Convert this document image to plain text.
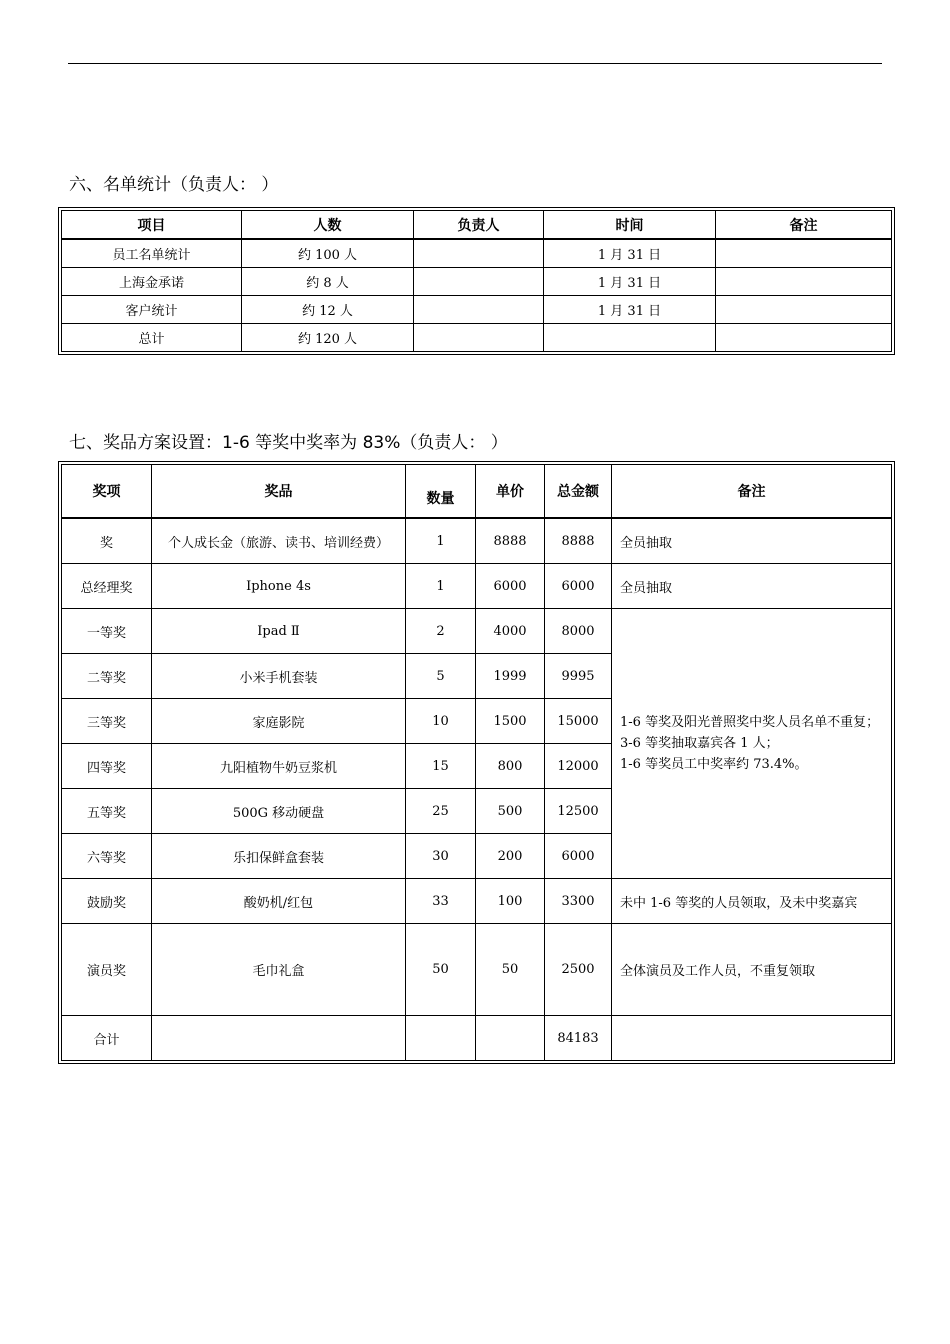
六、名单统计（负责人： ）
项目	人数	负责人	时间	备注
员工名单统计	约 100 人		1 月 31 日	
上海金承诺	约 8 人		1 月 31 日	
客户统计	约 12 人		1 月 31 日	
总计	约 120 人			
七、奖品方案设置：1-6 等奖中奖率为 83%（负责人： ）
奖项	奖品	数量	单价	总金额	备注
奖	个人成长金（旅游、读书、培训经费）	1	8888	8888	全员抽取
总经理奖	Iphone 4s	1	6000	6000	全员抽取
一等奖	Ipad Ⅱ	2	4000	8000	1-6 等奖及阳光普照奖中奖人员名单不重复；
3-6 等奖抽取嘉宾各 1 人；
1-6 等奖员工中奖率约 73.4%。

二等奖	小米手机套装	5	1999	9995	
三等奖	家庭影院	10	1500	15000	
四等奖	九阳植物牛奶豆浆机	15	800	12000	
五等奖	500G 移动硬盘	25	500	12500	
六等奖	乐扣保鲜盒套装	30	200	6000	
鼓励奖	酸奶机/红包	33	100	3300	未中 1-6 等奖的人员领取，及未中奖嘉宾
演员奖	毛巾礼盒	50	50	2500	全体演员及工作人员，不重复领取
合计				84183	
